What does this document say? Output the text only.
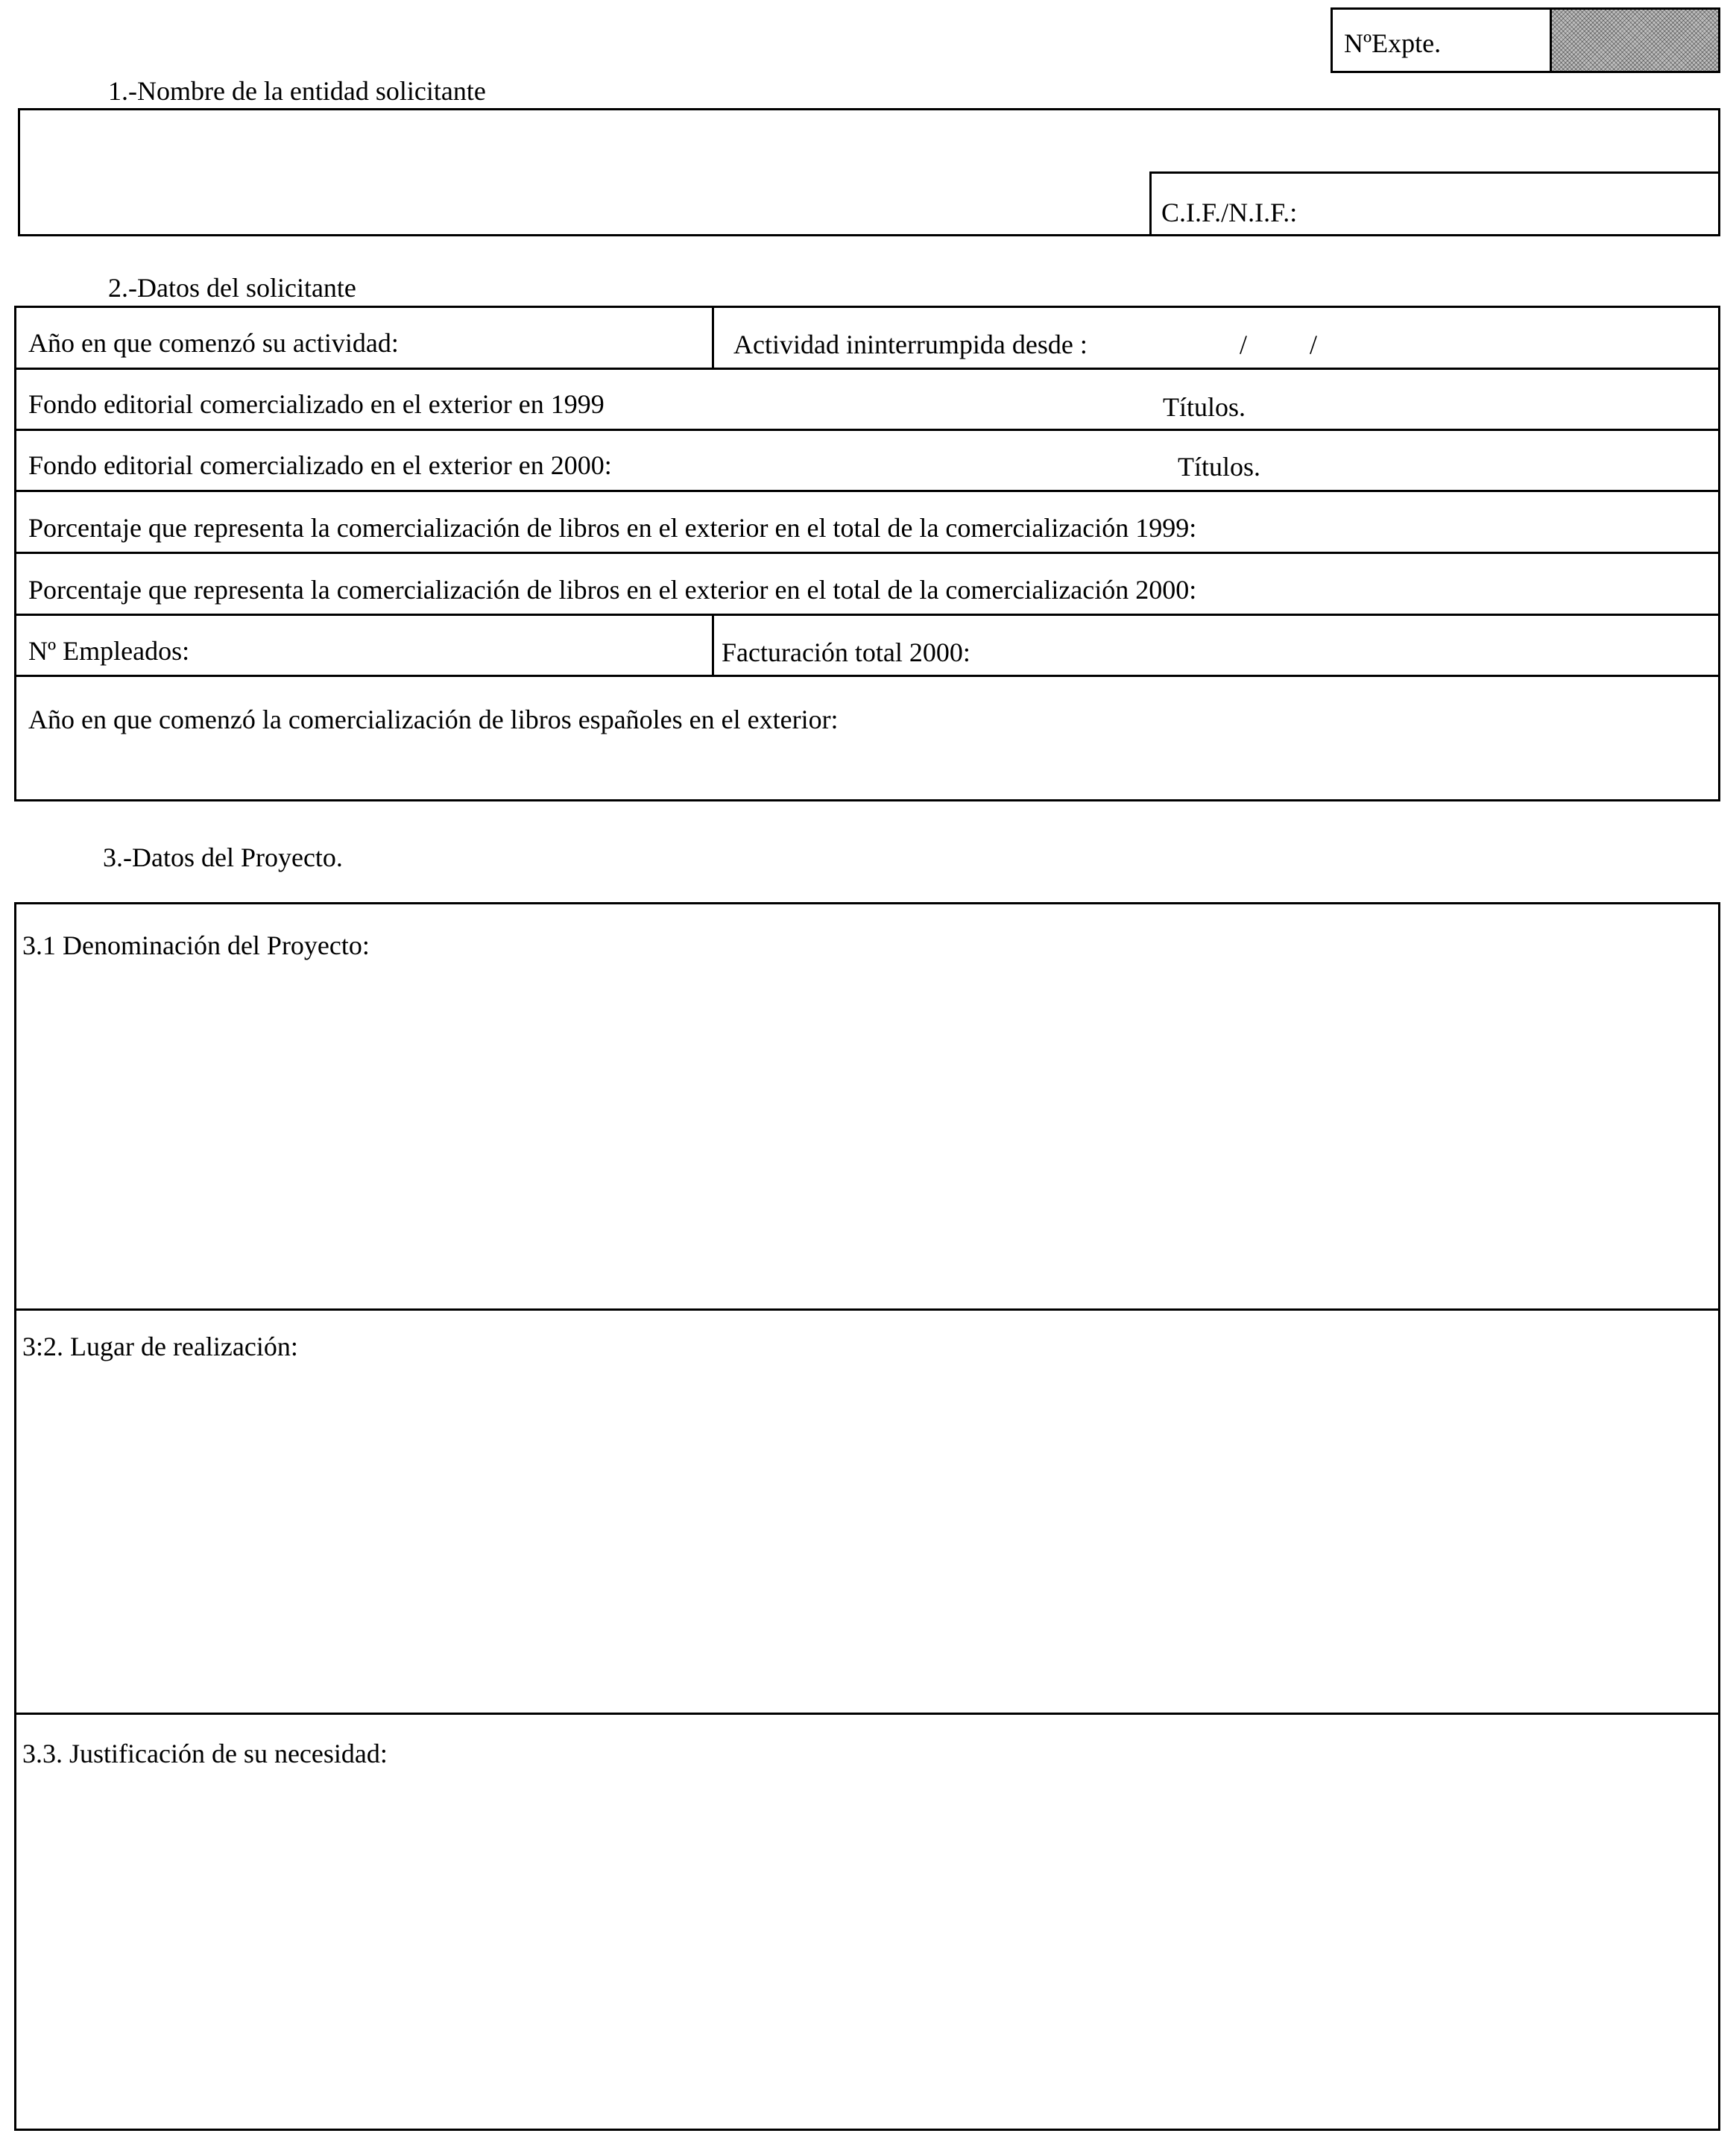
NºExpte.
1.-Nombre de la entidad solicitante
C.I.F./N.I.F.:
2.-Datos del solicitante
Año en que comenzó su actividad:	Actividad ininterrumpida desde :	/ /
Fondo editorial comercializado en el exterior en 1999	Títulos.
Fondo editorial comercializado en el exterior en 2000:	Títulos.
Porcentaje que representa la comercialización de libros en el exterior en el total de la comercialización 1999:
Porcentaje que representa la comercialización de libros en el exterior en el total de la comercialización 2000:
Nº Empleados:	Facturación total 2000:
Año en que comenzó la comercialización de libros españoles en el exterior:
3.-Datos del Proyecto.
3.1 Denominación del Proyecto:
3:2. Lugar de realización:
3.3. Justificación de su necesidad:
